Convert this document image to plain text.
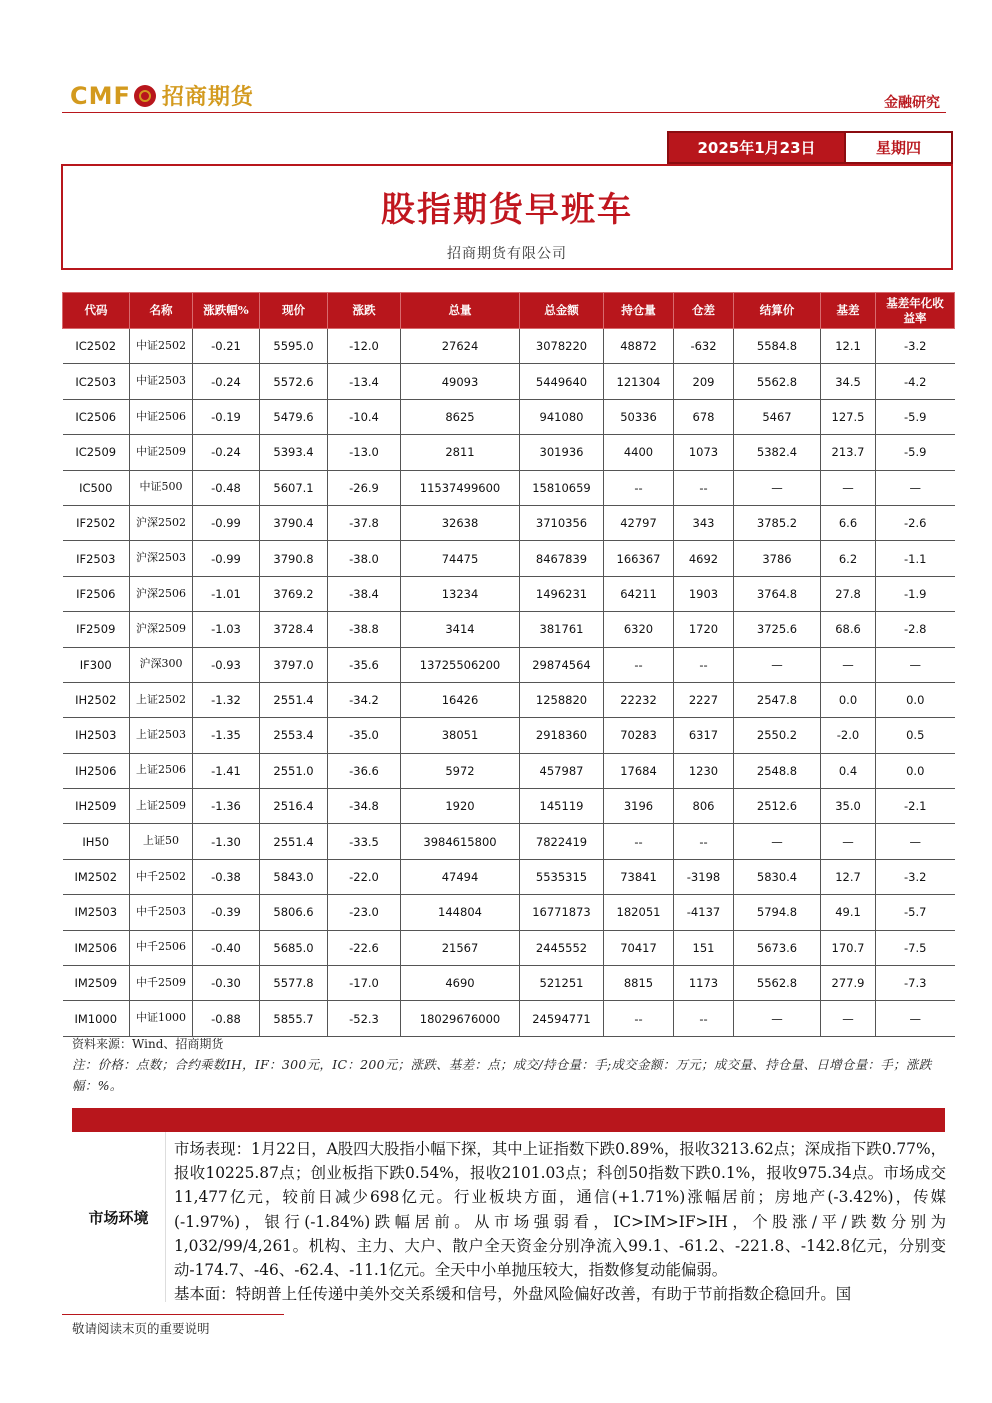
CMF 招商期货	金融研究
2025年1月23日	星期四
股指期货早班车
招商期货有限公司
代码	名称	涨跌幅%	现价	涨跌	总量	总金额	持仓量	仓差	结算价	基差	基差年化收益率
IC2502	中证2502	-0.21	5595.0	-12.0	27624	3078220	48872	-632	5584.8	12.1	-3.2
IC2503	中证2503	-0.24	5572.6	-13.4	49093	5449640	121304	209	5562.8	34.5	-4.2
IC2506	中证2506	-0.19	5479.6	-10.4	8625	941080	50336	678	5467	127.5	-5.9
IC2509	中证2509	-0.24	5393.4	-13.0	2811	301936	4400	1073	5382.4	213.7	-5.9
IC500	中证500	-0.48	5607.1	-26.9	11537499600	15810659	--	--	—	—	—
IF2502	沪深2502	-0.99	3790.4	-37.8	32638	3710356	42797	343	3785.2	6.6	-2.6
IF2503	沪深2503	-0.99	3790.8	-38.0	74475	8467839	166367	4692	3786	6.2	-1.1
IF2506	沪深2506	-1.01	3769.2	-38.4	13234	1496231	64211	1903	3764.8	27.8	-1.9
IF2509	沪深2509	-1.03	3728.4	-38.8	3414	381761	6320	1720	3725.6	68.6	-2.8
IF300	沪深300	-0.93	3797.0	-35.6	13725506200	29874564	--	--	—	—	—
IH2502	上证2502	-1.32	2551.4	-34.2	16426	1258820	22232	2227	2547.8	0.0	0.0
IH2503	上证2503	-1.35	2553.4	-35.0	38051	2918360	70283	6317	2550.2	-2.0	0.5
IH2506	上证2506	-1.41	2551.0	-36.6	5972	457987	17684	1230	2548.8	0.4	0.0
IH2509	上证2509	-1.36	2516.4	-34.8	1920	145119	3196	806	2512.6	35.0	-2.1
IH50	上证50	-1.30	2551.4	-33.5	3984615800	7822419	--	--	—	—	—
IM2502	中千2502	-0.38	5843.0	-22.0	47494	5535315	73841	-3198	5830.4	12.7	-3.2
IM2503	中千2503	-0.39	5806.6	-23.0	144804	16771873	182051	-4137	5794.8	49.1	-5.7
IM2506	中千2506	-0.40	5685.0	-22.6	21567	2445552	70417	151	5673.6	170.7	-7.5
IM2509	中千2509	-0.30	5577.8	-17.0	4690	521251	8815	1173	5562.8	277.9	-7.3
IM1000	中证1000	-0.88	5855.7	-52.3	18029676000	24594771	--	--	—	—	—
资料来源：Wind、招商期货
注：价格：点数；合约乘数IH，IF：300元，IC：200元；涨跌、基差：点；成交/持仓量：手;成交金额：万元；成交量、持仓量、日增仓量：手；涨跌幅：%。
市场环境

市场表现：1月22日，A股四大股指小幅下探，其中上证指数下跌0.89%，报收3213.62点；深成指下跌0.77%，报收10225.87点；创业板指下跌0.54%，报收2101.03点；科创50指数下跌0.1%，报收975.34点。市场成交11,477亿元，较前日减少698亿元。行业板块方面，通信(+1.71%)涨幅居前；房地产(-3.42%)，传媒(-1.97%)，银行(-1.84%)跌幅居前。从市场强弱看，IC>IM>IF>IH，个股涨/平/跌数分别为1,032/99/4,261。机构、主力、大户、散户全天资金分别净流入99.1、-61.2、-221.8、-142.8亿元，分别变动-174.7、-46、-62.4、-11.1亿元。全天中小单抛压较大，指数修复动能偏弱。

基本面：特朗普上任传递中美外交关系缓和信号，外盘风险偏好改善，有助于节前指数企稳回升。国

敬请阅读末页的重要说明
